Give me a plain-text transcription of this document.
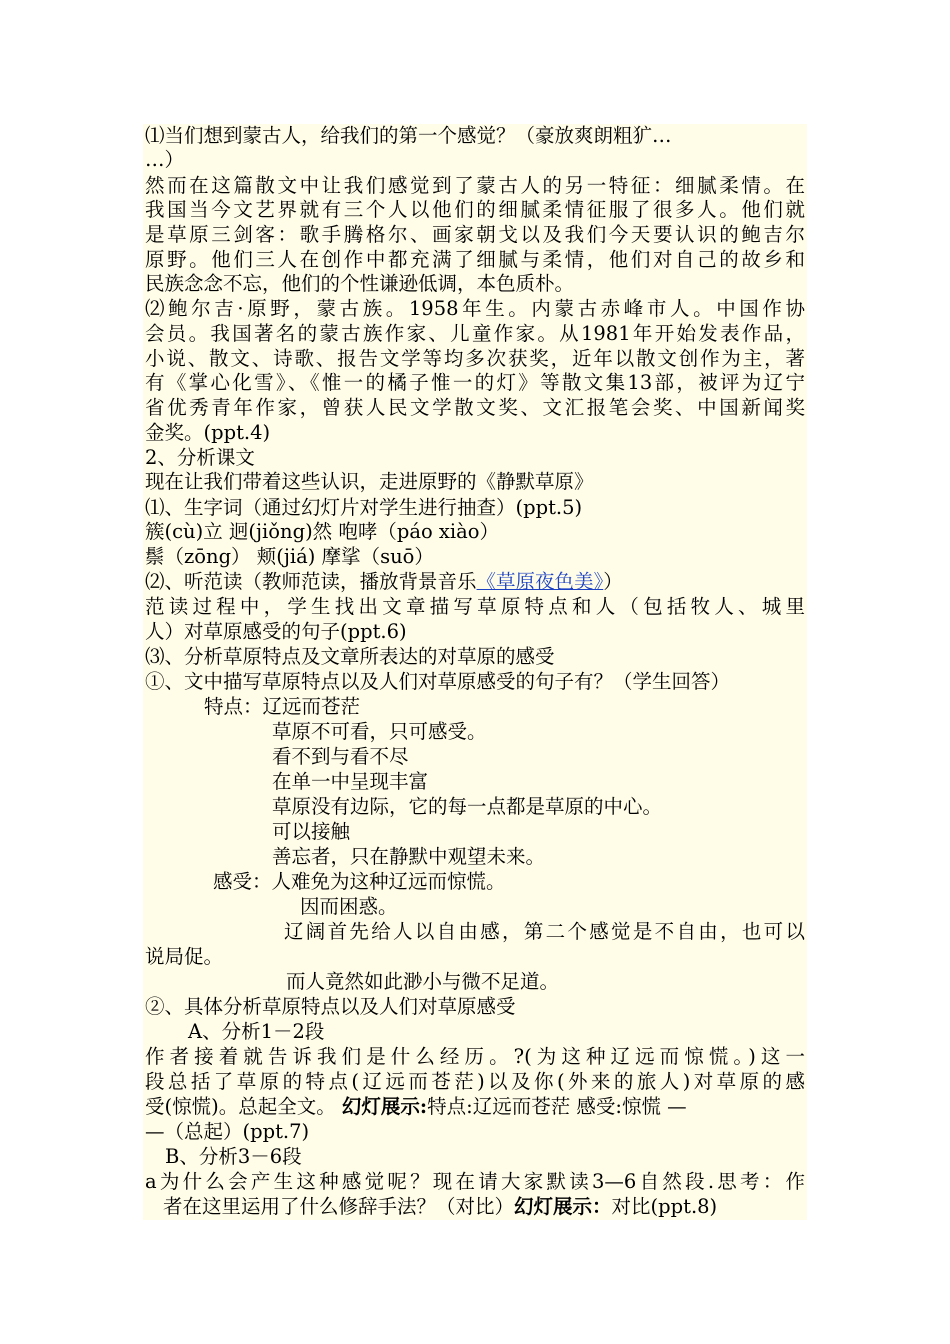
⑴当们想到蒙古人，给我们的第一个感觉？（豪放爽朗粗犷…
…）
然而在这篇散文中让我们感觉到了蒙古人的另一特征：细腻柔情。在
我国当今文艺界就有三个人以他们的细腻柔情征服了很多人。他们就
是草原三剑客：歌手腾格尔、画家朝戈以及我们今天要认识的鲍吉尔
原野。他们三人在创作中都充满了细腻与柔情，他们对自己的故乡和
民族念念不忘，他们的个性谦逊低调，本色质朴。
⑵鲍尔吉·原野，蒙古族。1958年生。内蒙古赤峰市人。中国作协
会员。我国著名的蒙古族作家、儿童作家。从1981年开始发表作品，
小说、散文、诗歌、报告文学等均多次获奖，近年以散文创作为主，著
有《掌心化雪》、《惟一的橘子惟一的灯》等散文集13部，被评为辽宁
省优秀青年作家，曾获人民文学散文奖、文汇报笔会奖、中国新闻奖
金奖。(ppt.4)
2、分析课文
现在让我们带着这些认识，走进原野的《静默草原》
⑴、生字词（通过幻灯片对学生进行抽查）(ppt.5)
簇(cù)立 迥(jiǒng)然 咆哮（páo xiào）
鬃（zōng） 颊(jiá) 摩挲（suō）
⑵、听范读（教师范读，播放背景音乐《草原夜色美》）
范读过程中，学生找出文章描写草原特点和人（包括牧人、城里
人）对草原感受的句子(ppt.6)
⑶、分析草原特点及文章所表达的对草原的感受
①、文中描写草原特点以及人们对草原感受的句子有？（学生回答）
特点：辽远而苍茫
草原不可看，只可感受。
看不到与看不尽
在单一中呈现丰富
草原没有边际，它的每一点都是草原的中心。
可以接触
善忘者，只在静默中观望未来。
感受：人难免为这种辽远而惊慌。
因而困惑。
辽阔首先给人以自由感，第二个感觉是不自由，也可以
说局促。
而人竟然如此渺小与微不足道。
②、具体分析草原特点以及人们对草原感受
A、分析1－2段
作者接着就告诉我们是什么经历。?(为这种辽远而惊慌。)这一
段总括了草原的特点(辽远而苍茫)以及你(外来的旅人)对草原的感
受(惊慌)。总起全文。 幻灯展示:特点:辽远而苍茫 感受:惊慌 —
—（总起）(ppt.7)
B、分析3－6段
a为什么会产生这种感觉呢？现在请大家默读3—6自然段.思考：作
者在这里运用了什么修辞手法？（对比）幻灯展示：对比(ppt.8)
